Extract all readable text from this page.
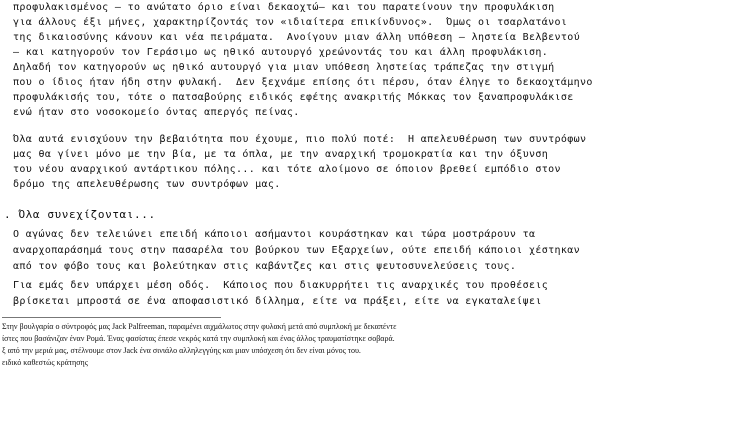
προφυλακισμένος — το ανώτατο όριο είναι δεκαοχτώ— και του παρατείνουν την προφυλάκιση
για άλλους έξι μήνες, χαρακτηρίζοντάς τον «ιδιαίτερα επικίνδυνος».  Όμως οι τσαρλατάνοι
της δικαιοσύνης κάνουν και νέα πειράματα.  Ανοίγουν μιαν άλλη υπόθεση — ληστεία Βελβεντού
— και κατηγορούν τον Γεράσιμο ως ηθικό αυτουργό χρεώνοντάς του και άλλη προφυλάκιση.
Δηλαδή τον κατηγορούν ως ηθικό αυτουργό για μιαν υπόθεση ληστείας τράπεζας την στιγμή
που ο ίδιος ήταν ήδη στην φυλακή.  Δεν ξεχνάμε επίσης ότι πέρσυ, όταν έληγε το δεκαοχτάμηνο
προφυλάκισής του, τότε ο πατσαβούρης ειδικός εφέτης ανακριτής Μόκκας τον ξαναπροφυλάκισε
ενώ ήταν στο νοσοκομείο όντας απεργός πείνας.
Όλα αυτά ενισχύουν την βεβαιότητα που έχουμε, πιο πολύ ποτέ:  Η απελευθέρωση των συντρόφων
μας θα γίνει μόνο με την βία, με τα όπλα, με την αναρχική τρομοκρατία και την όξυνση
του νέου αναρχικού αντάρτικου πόλης... και τότε αλοίμονο σε όποιον βρεθεί εμπόδιο στον
δρόμο της απελευθέρωσης των συντρόφων μας.
. Όλα συνεχίζονται...
Ο αγώνας δεν τελειώνει επειδή κάποιοι ασήμαντοι κουράστηκαν και τώρα μοστράρουν τα
αναρχοπαράσημά τους στην πασαρέλα του βούρκου των Εξαρχείων, ούτε επειδή κάποιοι χέστηκαν
από τον φόβο τους και βολεύτηκαν στις καβάντζες και στις ψευτοσυνελεύσεις τους.
Για εμάς δεν υπάρχει μέση οδός.  Κάποιος που διακυρρήτει τις αναρχικές του προθέσεις
βρίσκεται μπροστά σε ένα αποφασιστικό δίλλημα, είτε να πράξει, είτε να εγκαταλείψει
Στην βουλγαρία ο σύντροφός μας Jack Palfreeman, παραμένει αιχμάλωτος στην φυλακή μετά από συμπλοκή με δεκαπέντε
ίστες που βασάνιζαν έναν Ρομά. Ένας φασίστας έπεσε νεκρός κατά την συμπλοκή και ένας άλλος τραυματίστηκε σοβαρά.
ξ από την μεριά μας, στέλνουμε στον Jack ένα σινιάλο αλληλεγγύης και μιαν υπόσχεση ότι δεν είναι μόνος του.
ειδικό καθεστώς κράτησης
